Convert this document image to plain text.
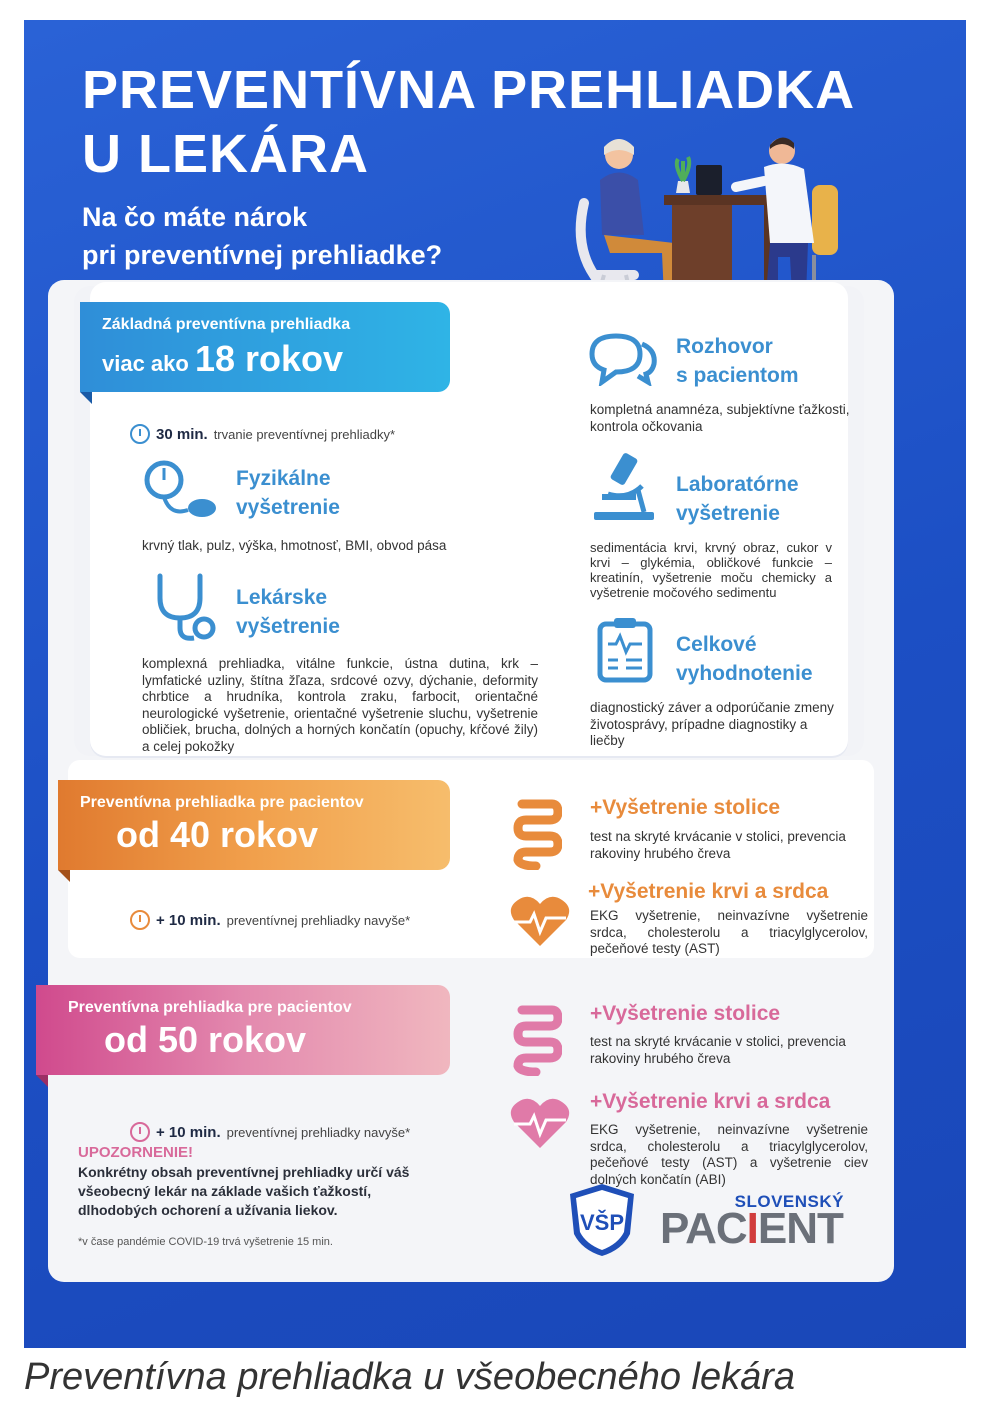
PREVENTÍVNA PREHLIADKA
U LEKÁRA
Na čo máte nárok
pri preventívnej prehliadke?
Základná preventívna prehliadka
viac ako 18 rokov
30 min. trvanie preventívnej prehliadky*
Fyzikálne
vyšetrenie
krvný tlak, pulz, výška, hmotnosť, BMI, obvod pása
Lekárske
vyšetrenie
komplexná prehliadka, vitálne funkcie, ústna dutina, krk – lymfatické uzliny, štítna žľaza, srdcové ozvy, dýchanie, deformity chrbtice a hrudníka, kontrola zraku, farbocit, orientačné neurologické vyšetrenie, orientačné vyšetrenie sluchu, vyšetrenie obličiek, brucha, dolných a horných končatín (opuchy, kŕčové žily) a celej pokožky
Rozhovor
s pacientom
kompletná anamnéza, subjektívne ťažkosti, kontrola očkovania
Laboratórne
vyšetrenie
sedimentácia krvi, krvný obraz, cukor v krvi – glykémia, obličkové funkcie – kreatinín, vyšetrenie moču chemicky a vyšetrenie močového sedimentu
Celkové
vyhodnotenie
diagnostický záver a odporúčanie zmeny životosprávy, prípadne diagnostiky a liečby
Preventívna prehliadka pre pacientov
od 40 rokov
+ 10 min. preventívnej prehliadky navyše*
+Vyšetrenie stolice
test na skryté krvácanie v stolici, prevencia rakoviny hrubého čreva
+Vyšetrenie krvi a srdca
EKG vyšetrenie, neinvazívne vyšetrenie srdca, cholesterolu a triacylglycerolov, pečeňové testy (AST)
Preventívna prehliadka pre pacientov
od 50 rokov
+ 10 min. preventívnej prehliadky navyše*
+Vyšetrenie stolice
test na skryté krvácanie v stolici, prevencia rakoviny hrubého čreva
+Vyšetrenie krvi a srdca
EKG vyšetrenie, neinvazívne vyšetrenie srdca, cholesterolu a triacylglycerolov, pečeňové testy (AST) a vyšetrenie ciev dolných končatín (ABI)
UPOZORNENIE!
Konkrétny obsah preventívnej prehliadky určí váš všeobecný lekár na základe vašich ťažkostí, dlhodobých ochorení a užívania liekov.
*v čase pandémie COVID-19 trvá vyšetrenie 15 min.
VŠP
SLOVENSKÝ
PACIENT
Preventívna prehliadka u všeobecného lekára
